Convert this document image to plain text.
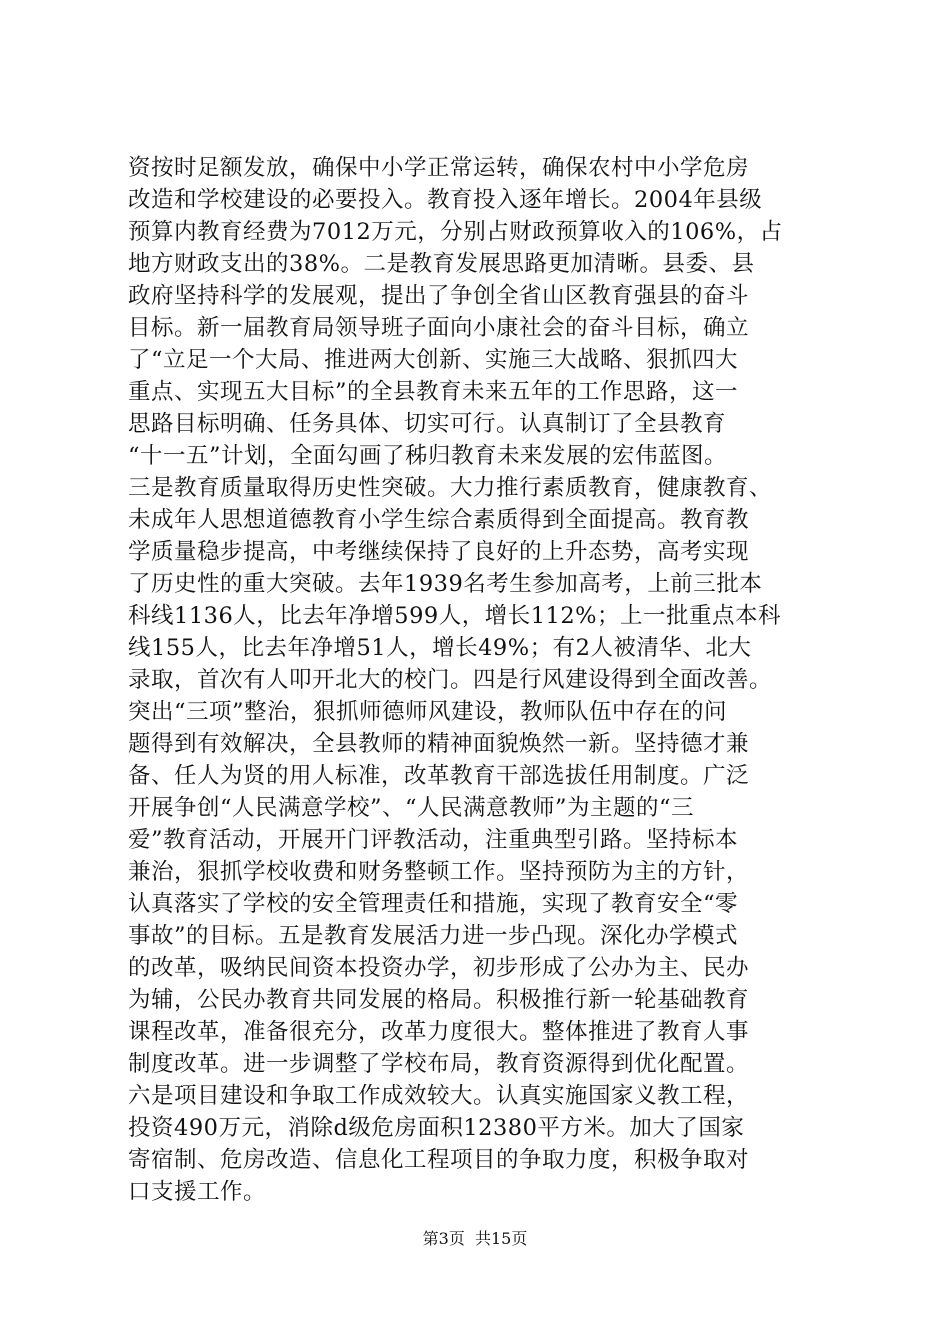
资按时足额发放，确保中小学正常运转，确保农村中小学危房
改造和学校建设的必要投入。教育投入逐年增长。2004年县级
预算内教育经费为7012万元，分别占财政预算收入的106%，占
地方财政支出的38%。二是教育发展思路更加清晰。县委、县
政府坚持科学的发展观，提出了争创全省山区教育强县的奋斗
目标。新一届教育局领导班子面向小康社会的奋斗目标，确立
了“立足一个大局、推进两大创新、实施三大战略、狠抓四大
重点、实现五大目标”的全县教育未来五年的工作思路，这一
思路目标明确、任务具体、切实可行。认真制订了全县教育
“十一五”计划，全面勾画了秭归教育未来发展的宏伟蓝图。
三是教育质量取得历史性突破。大力推行素质教育，健康教育、
未成年人思想道德教育小学生综合素质得到全面提高。教育教
学质量稳步提高，中考继续保持了良好的上升态势，高考实现
了历史性的重大突破。去年1939名考生参加高考，上前三批本
科线1136人，比去年净增599人，增长112%；上一批重点本科
线155人，比去年净增51人，增长49%；有2人被清华、北大
录取，首次有人叩开北大的校门。四是行风建设得到全面改善。
突出“三项”整治，狠抓师德师风建设，教师队伍中存在的问
题得到有效解决，全县教师的精神面貌焕然一新。坚持德才兼
备、任人为贤的用人标准，改革教育干部选拔任用制度。广泛
开展争创“人民满意学校”、“人民满意教师”为主题的“三
爱”教育活动，开展开门评教活动，注重典型引路。坚持标本
兼治，狠抓学校收费和财务整顿工作。坚持预防为主的方针，
认真落实了学校的安全管理责任和措施，实现了教育安全“零
事故”的目标。五是教育发展活力进一步凸现。深化办学模式
的改革，吸纳民间资本投资办学，初步形成了公办为主、民办
为辅，公民办教育共同发展的格局。积极推行新一轮基础教育
课程改革，准备很充分，改革力度很大。整体推进了教育人事
制度改革。进一步调整了学校布局，教育资源得到优化配置。
六是项目建设和争取工作成效较大。认真实施国家义教工程，
投资490万元，消除d级危房面积12380平方米。加大了国家
寄宿制、危房改造、信息化工程项目的争取力度，积极争取对
口支援工作。
第3页  共15页
